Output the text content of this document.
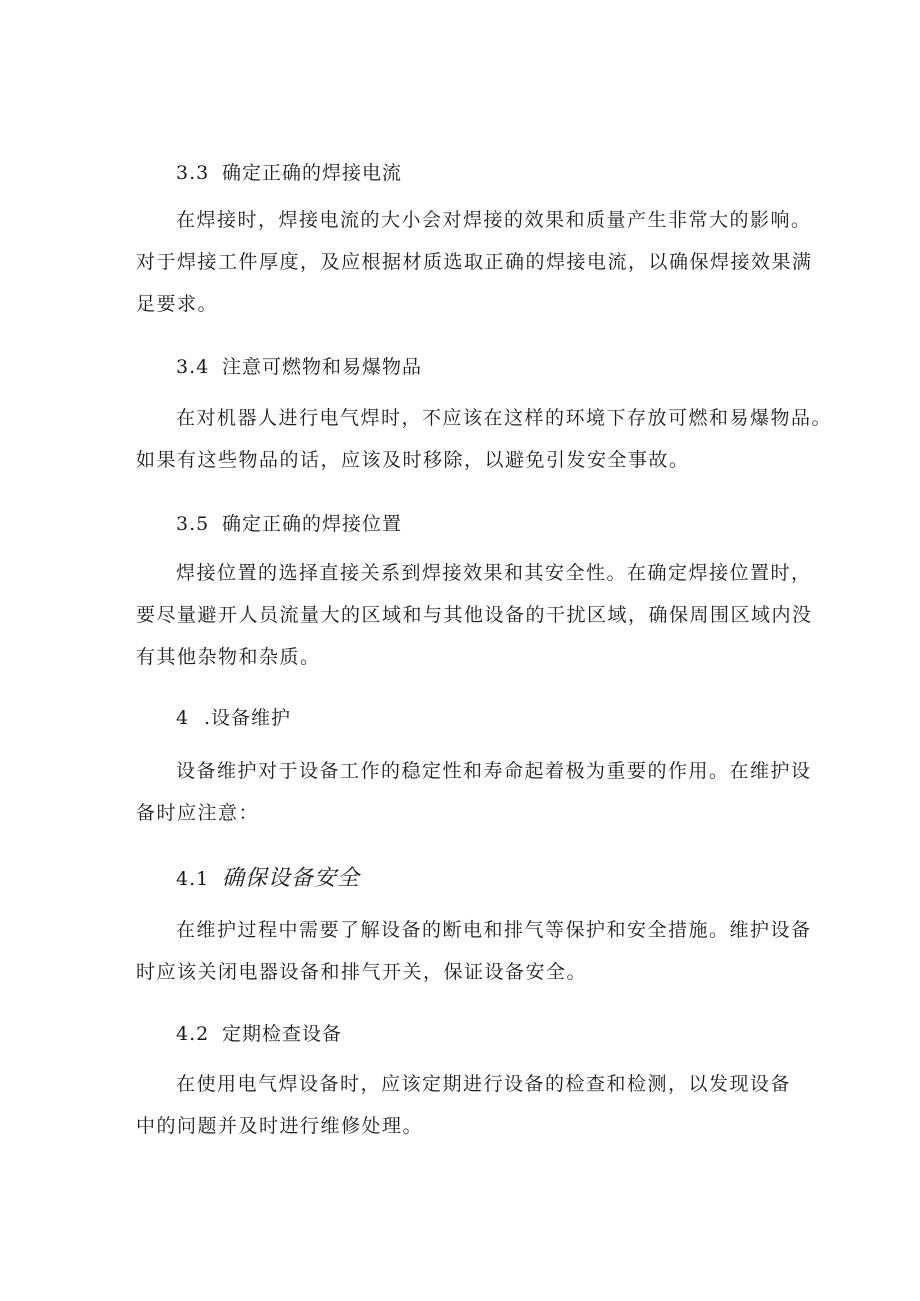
3.3 确定正确的焊接电流
在焊接时，焊接电流的大小会对焊接的效果和质量产生非常大的影响。
对于焊接工件厚度，及应根据材质选取正确的焊接电流，以确保焊接效果满
足要求。
3.4 注意可燃物和易爆物品
在对机器人进行电气焊时，不应该在这样的环境下存放可燃和易爆物品。
如果有这些物品的话，应该及时移除，以避免引发安全事故。
3.5 确定正确的焊接位置
焊接位置的选择直接关系到焊接效果和其安全性。在确定焊接位置时，
要尽量避开人员流量大的区域和与其他设备的干扰区域，确保周围区域内没
有其他杂物和杂质。
4 .设备维护
设备维护对于设备工作的稳定性和寿命起着极为重要的作用。在维护设
备时应注意：
4.1 确保设备安全
在维护过程中需要了解设备的断电和排气等保护和安全措施。维护设备
时应该关闭电器设备和排气开关，保证设备安全。
4.2 定期检查设备
在使用电气焊设备时，应该定期进行设备的检查和检测，以发现设备
中的问题并及时进行维修处理。
